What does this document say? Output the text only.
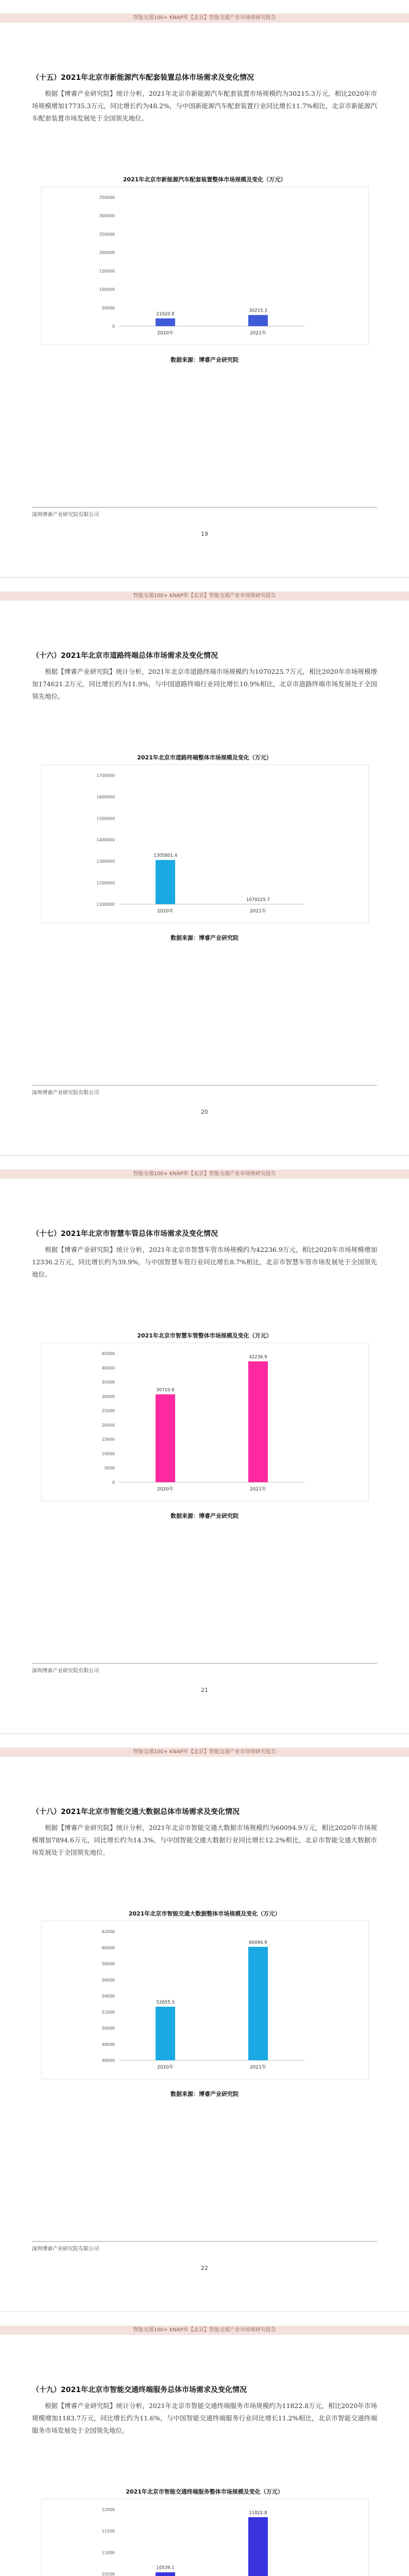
智能交通100+ KNAP库【北京】智能交通产业市场规研究报告
（十五）2021年北京市新能源汽车配套装置总体市场需求及变化情况
根据【博睿产业研究院】统计分析，2021年北京市新能源汽车配套装置市场规模约为30215.3万元，相比2020年市场规模增加17735.3万元，同比增长约为48.2%，与中国新能源汽车配套装置行业同比增长11.7%相比，北京市新能源汽车配套装置市场发展处于全国领先地位。
2021年北京市新能源汽车配套装置整体市场规模及变化（万元）
0
50000
100000
150000
200000
250000
300000
350000
21020.8
2020年
30215.3
2021年
数据来源：博睿产业研究院
深圳博睿产业研究院有限公司
19
智能交通100+ KNAP库【北京】智能交通产业市场规研究报告
（十六）2021年北京市道路终端总体市场需求及变化情况
根据【博睿产业研究院】统计分析，2021年北京市道路终端市场规模约为1070225.7万元，相比2020年市场规模增加174621.2万元，同比增长约为11.9%，与中国道路终端行业同比增长10.9%相比，北京市道路终端市场发展处于全国领先地位。
2021年北京市道路终端整体市场规模及变化（万元）
1100000
1200000
1300000
1400000
1500000
1600000
1700000
1305801.4
2020年
1070225.7
2021年
数据来源：博睿产业研究院
深圳博睿产业研究院有限公司
20
智能交通100+ KNAP库【北京】智能交通产业市场规研究报告
（十七）2021年北京市智慧车管总体市场需求及变化情况
根据【博睿产业研究院】统计分析，2021年北京市智慧车管市场规模约为42236.9万元，相比2020年市场规模增加12336.2万元，同比增长约为39.9%，与中国智慧车管行业同比增长8.7%相比，北京市智慧车管市场发展处于全国领先地位。
2021年北京市智慧车管整体市场规模及变化（万元）
0
5000
10000
15000
20000
25000
30000
35000
40000
45000
30710.8
2020年
42236.9
2021年
数据来源：博睿产业研究院
深圳博睿产业研究院有限公司
21
智能交通100+ KNAP库【北京】智能交通产业市场规研究报告
（十八）2021年北京市智能交通大数据总体市场需求及变化情况
根据【博睿产业研究院】统计分析，2021年北京市智能交通大数据市场规模约为60094.9万元，相比2020年市场规模增加7894.6万元，同比增长约为14.3%，与中国智能交通大数据行业同比增长12.2%相比，北京市智能交通大数据市场发展处于全国领先地位。
2021年北京市智能交通大数据整体市场规模及变化（万元）
46000
48000
50000
52000
54000
56000
58000
60000
62000
52655.3
2020年
60094.9
2021年
数据来源：博睿产业研究院
深圳博睿产业研究院有限公司
22
智能交通100+ KNAP库【北京】智能交通产业市场规研究报告
（十九）2021年北京市智能交通终端服务总体市场需求及变化情况
根据【博睿产业研究院】统计分析，2021年北京市智能交通终端服务市场规模约为11822.8万元，相比2020年市场规模增加1183.7万元，同比增长约为11.6%，与中国智能交通终端服务行业同比增长11.2%相比，北京市智能交通终端服务市场发展处于全国领先地位。
2021年北京市智能交通终端服务整体市场规模及变化（万元）
10500
11000
11500
12000
10539.1
11822.8
